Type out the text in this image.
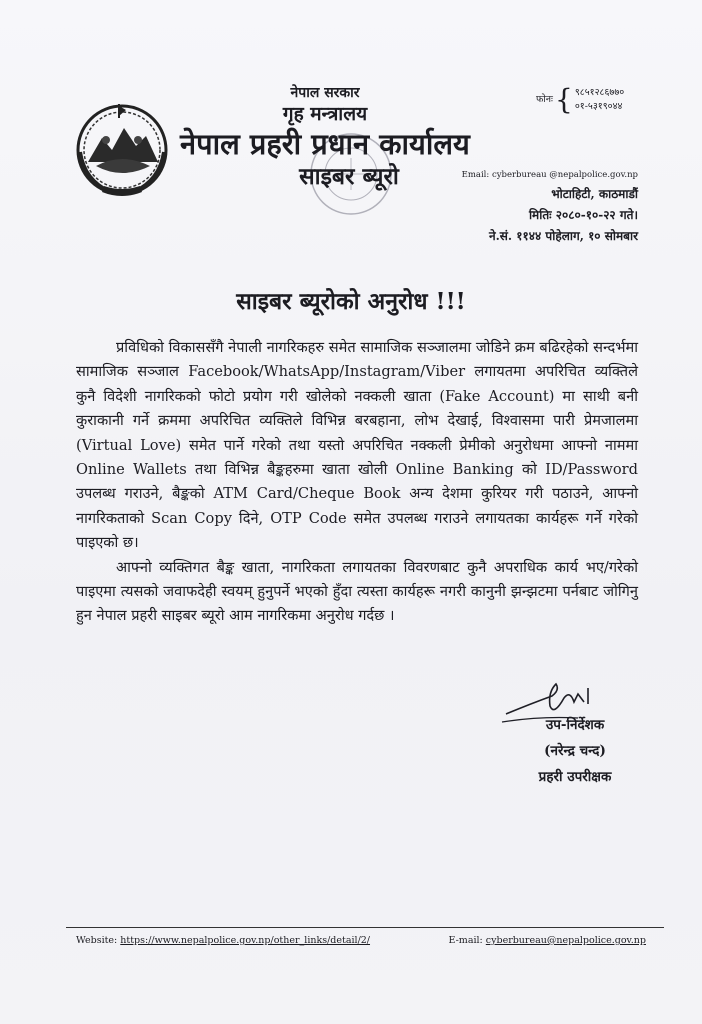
नेपाल सरकार
गृह मन्त्रालय
नेपाल प्रहरी प्रधान कार्यालय
साइबर ब्यूरो
फोनः { ९८५१२८६७७०
०१-५३१९०४४
Email: cyberbureau @nepalpolice.gov.np
भोटाहिटी, काठमाडौं
मितिः २०८०-१०-२२ गते।
ने.सं. ११४४ पोहेलाग, १० सोमबार
साइबर ब्यूरोको अनुरोध !!!

प्रविधिको विकाससँगै नेपाली नागरिकहरु समेत सामाजिक सञ्जालमा जोडिने क्रम बढिरहेको सन्दर्भमा सामाजिक सञ्जाल Facebook/WhatsApp/Instagram/Viber लगायतमा अपरिचित व्यक्तिले कुनै विदेशी नागरिकको फोटो प्रयोग गरी खोलेको नक्कली खाता (Fake Account) मा साथी बनी कुराकानी गर्ने क्रममा अपरिचित व्यक्तिले विभिन्न बरबहाना, लोभ देखाई, विश्वासमा पारी प्रेमजालमा (Virtual Love) समेत पार्ने गरेको तथा यस्तो अपरिचित नक्कली प्रेमीको अनुरोधमा आफ्नो नाममा Online Wallets तथा विभिन्न बैङ्कहरुमा खाता खोली Online Banking को ID/Password उपलब्ध गराउने, बैङ्कको ATM Card/Cheque Book अन्य देशमा कुरियर गरी पठाउने, आफ्नो नागरिकताको Scan Copy दिने, OTP Code समेत उपलब्ध गराउने लगायतका कार्यहरू गर्ने गरेको पाइएको छ।

आफ्नो व्यक्तिगत बैङ्क खाता, नागरिकता लगायतका विवरणबाट कुनै अपराधिक कार्य भए/गरेको पाइएमा त्यसको जवाफदेही स्वयम् हुनुपर्ने भएको हुँदा त्यस्ता कार्यहरू नगरी कानुनी झन्झटमा पर्नबाट जोगिनु हुन नेपाल प्रहरी साइबर ब्यूरो आम नागरिकमा अनुरोध गर्दछ ।

उप-निर्देशक
(नरेन्द्र चन्द)
प्रहरी उपरीक्षक
Website: https://www.nepalpolice.gov.np/other_links/detail/2/	E-mail: cyberbureau@nepalpolice.gov.np
